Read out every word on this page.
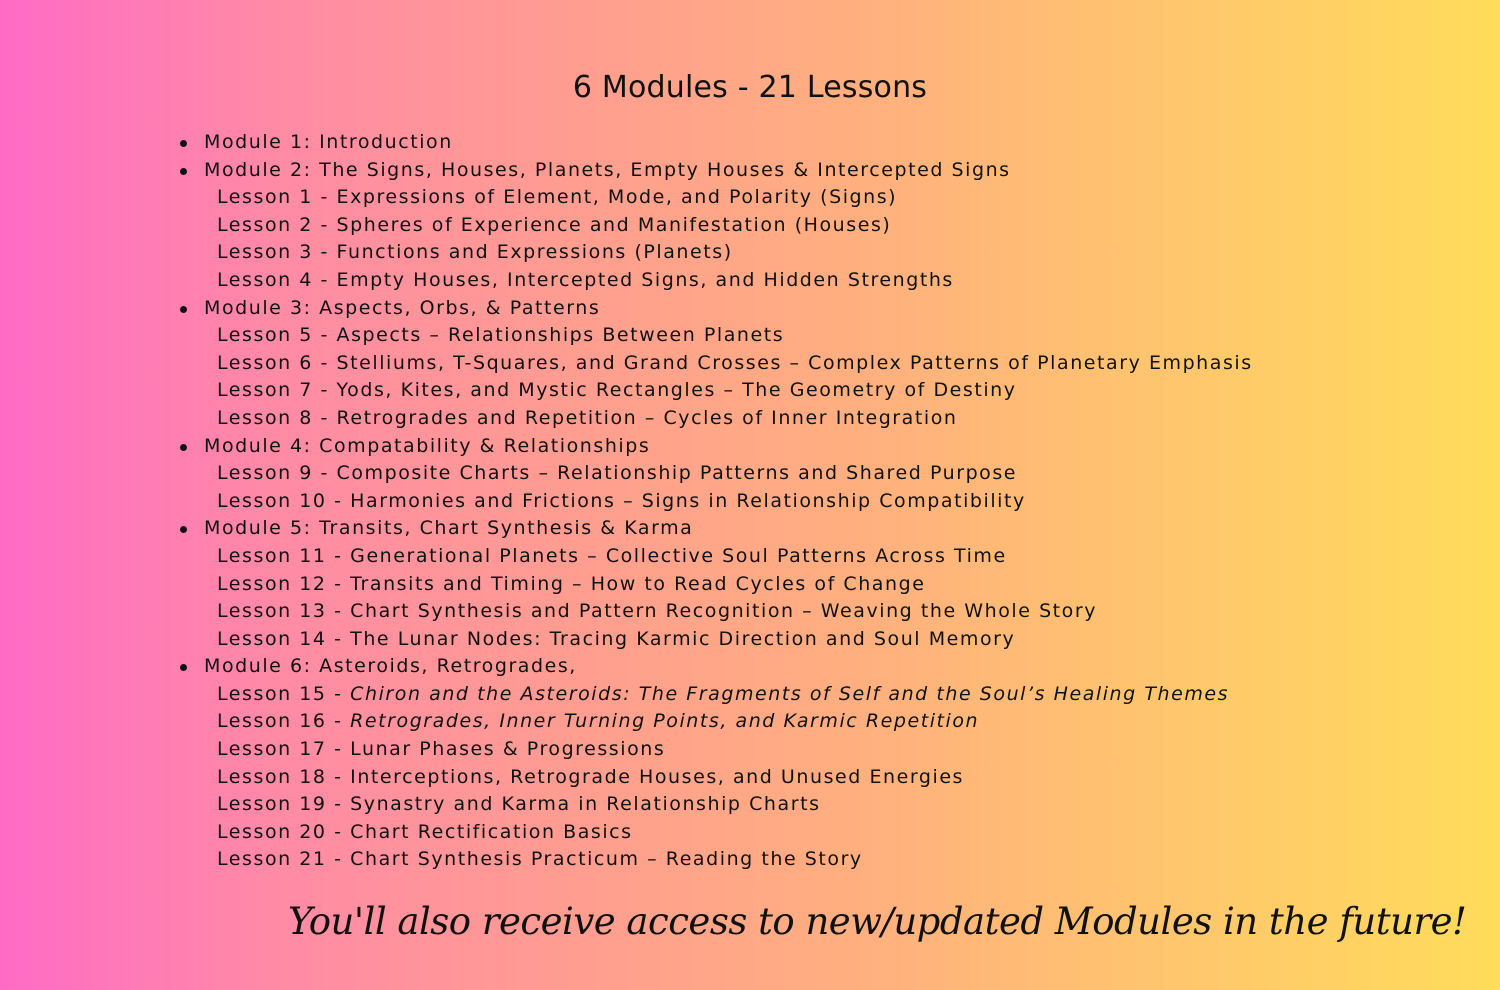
6 Modules - 21 Lessons
Module 1: Introduction
Module 2: The Signs, Houses, Planets, Empty Houses & Intercepted Signs
Lesson 1 - Expressions of Element, Mode, and Polarity (Signs)
Lesson 2 - Spheres of Experience and Manifestation (Houses)
Lesson 3 - Functions and Expressions (Planets)
Lesson 4 - Empty Houses, Intercepted Signs, and Hidden Strengths
Module 3: Aspects, Orbs, & Patterns
Lesson 5 - Aspects – Relationships Between Planets
Lesson 6 - Stelliums, T-Squares, and Grand Crosses – Complex Patterns of Planetary Emphasis
Lesson 7 - Yods, Kites, and Mystic Rectangles – The Geometry of Destiny
Lesson 8 - Retrogrades and Repetition – Cycles of Inner Integration
Module 4: Compatability & Relationships
Lesson 9 - Composite Charts – Relationship Patterns and Shared Purpose
Lesson 10 - Harmonies and Frictions – Signs in Relationship Compatibility
Module 5: Transits, Chart Synthesis & Karma
Lesson 11 - Generational Planets – Collective Soul Patterns Across Time
Lesson 12 - Transits and Timing – How to Read Cycles of Change
Lesson 13 - Chart Synthesis and Pattern Recognition – Weaving the Whole Story
Lesson 14 - The Lunar Nodes: Tracing Karmic Direction and Soul Memory
Module 6: Asteroids, Retrogrades,
Lesson 15 - Chiron and the Asteroids: The Fragments of Self and the Soul’s Healing Themes
Lesson 16 - Retrogrades, Inner Turning Points, and Karmic Repetition
Lesson 17 - Lunar Phases & Progressions
Lesson 18 - Interceptions, Retrograde Houses, and Unused Energies
Lesson 19 - Synastry and Karma in Relationship Charts
Lesson 20 - Chart Rectification Basics
Lesson 21 - Chart Synthesis Practicum – Reading the Story
You'll also receive access to new/updated Modules in the future!
